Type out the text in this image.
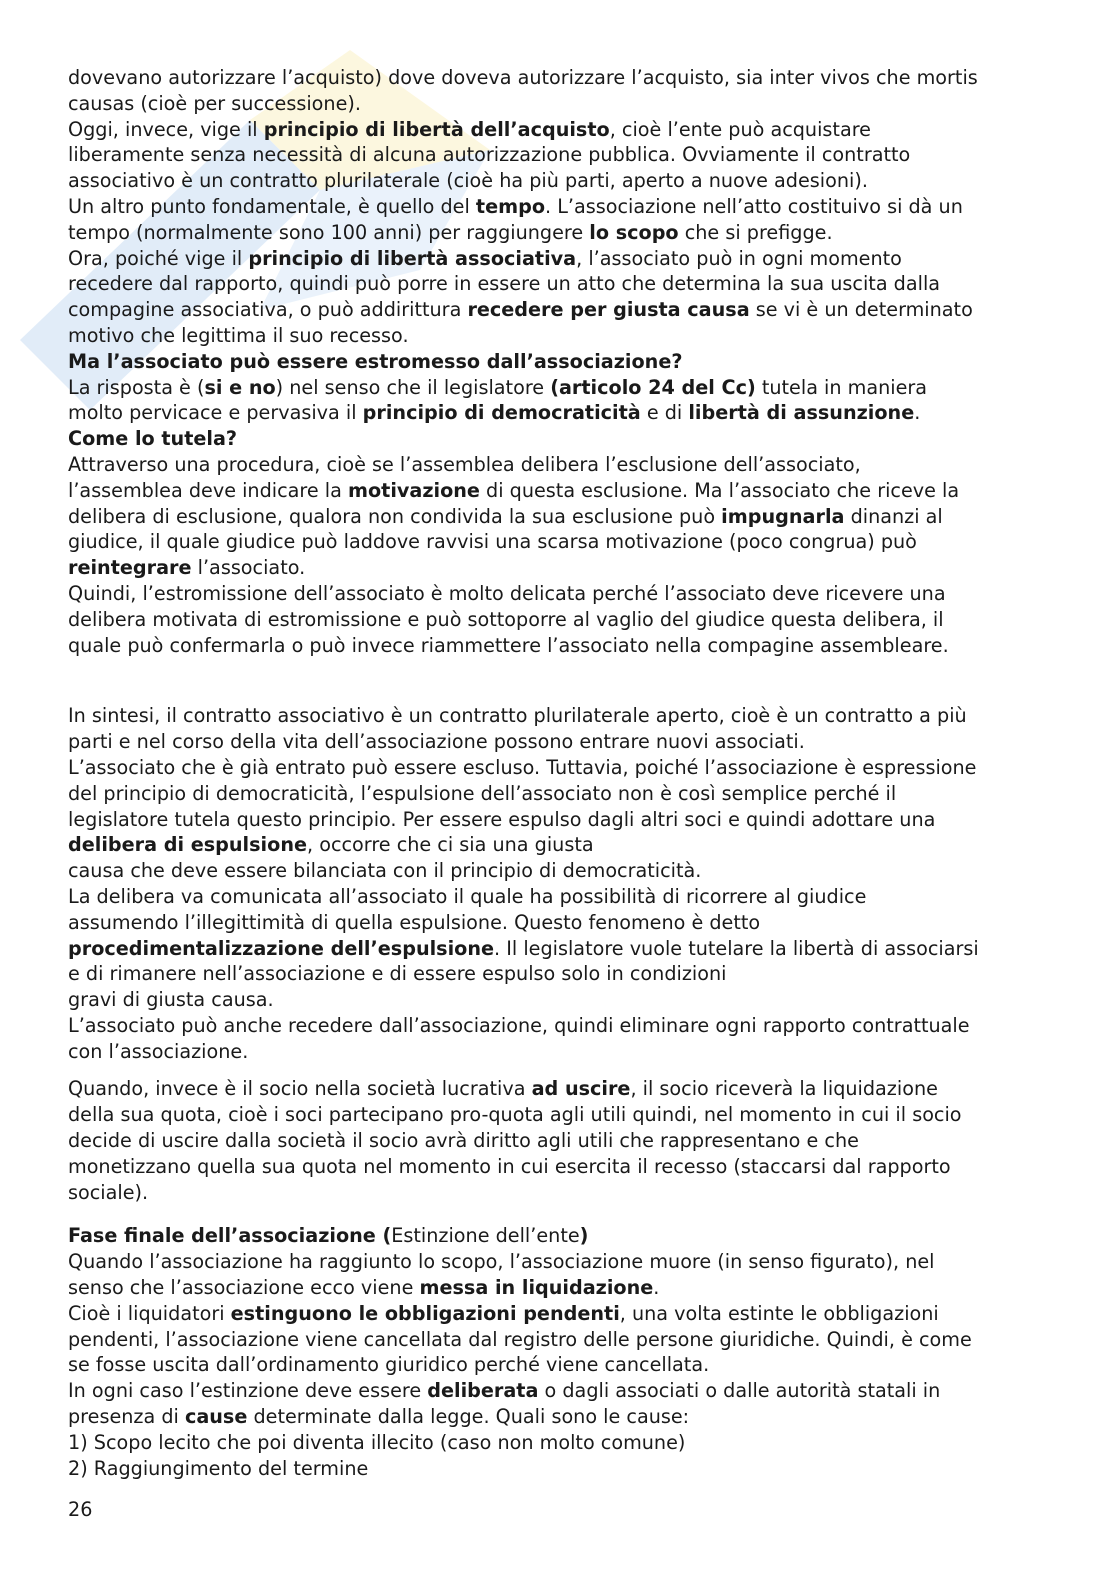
dovevano autorizzare l’acquisto) dove doveva autorizzare l’acquisto, sia inter vivos che mortis
causas (cioè per successione).
Oggi, invece, vige il principio di libertà dell’acquisto, cioè l’ente può acquistare
liberamente senza necessità di alcuna autorizzazione pubblica. Ovviamente il contratto
associativo è un contratto plurilaterale (cioè ha più parti, aperto a nuove adesioni).
Un altro punto fondamentale, è quello del tempo. L’associazione nell’atto costituivo si dà un
tempo (normalmente sono 100 anni) per raggiungere lo scopo che si prefigge.
Ora, poiché vige il principio di libertà associativa, l’associato può in ogni momento
recedere dal rapporto, quindi può porre in essere un atto che determina la sua uscita dalla
compagine associativa, o può addirittura recedere per giusta causa se vi è un determinato
motivo che legittima il suo recesso.
Ma l’associato può essere estromesso dall’associazione?
La risposta è (si e no) nel senso che il legislatore (articolo 24 del Cc) tutela in maniera
molto pervicace e pervasiva il principio di democraticità e di libertà di assunzione.
Come lo tutela?
Attraverso una procedura, cioè se l’assemblea delibera l’esclusione dell’associato,
l’assemblea deve indicare la motivazione di questa esclusione. Ma l’associato che riceve la
delibera di esclusione, qualora non condivida la sua esclusione può impugnarla dinanzi al
giudice, il quale giudice può laddove ravvisi una scarsa motivazione (poco congrua) può
reintegrare l’associato.
Quindi, l’estromissione dell’associato è molto delicata perché l’associato deve ricevere una
delibera motivata di estromissione e può sottoporre al vaglio del giudice questa delibera, il
quale può confermarla o può invece riammettere l’associato nella compagine assembleare.
In sintesi, il contratto associativo è un contratto plurilaterale aperto, cioè è un contratto a più
parti e nel corso della vita dell’associazione possono entrare nuovi associati.
L’associato che è già entrato può essere escluso. Tuttavia, poiché l’associazione è espressione
del principio di democraticità, l’espulsione dell’associato non è così semplice perché il
legislatore tutela questo principio. Per essere espulso dagli altri soci e quindi adottare una
delibera di espulsione, occorre che ci sia una giusta
causa che deve essere bilanciata con il principio di democraticità.
La delibera va comunicata all’associato il quale ha possibilità di ricorrere al giudice
assumendo l’illegittimità di quella espulsione. Questo fenomeno è detto
procedimentalizzazione dell’espulsione. Il legislatore vuole tutelare la libertà di associarsi
e di rimanere nell’associazione e di essere espulso solo in condizioni
gravi di giusta causa.
L’associato può anche recedere dall’associazione, quindi eliminare ogni rapporto contrattuale
con l’associazione.
Quando, invece è il socio nella società lucrativa ad uscire, il socio riceverà la liquidazione
della sua quota, cioè i soci partecipano pro-quota agli utili quindi, nel momento in cui il socio
decide di uscire dalla società il socio avrà diritto agli utili che rappresentano e che
monetizzano quella sua quota nel momento in cui esercita il recesso (staccarsi dal rapporto
sociale).
Fase finale dell’associazione (Estinzione dell’ente)
Quando l’associazione ha raggiunto lo scopo, l’associazione muore (in senso figurato), nel
senso che l’associazione ecco viene messa in liquidazione.
Cioè i liquidatori estinguono le obbligazioni pendenti, una volta estinte le obbligazioni
pendenti, l’associazione viene cancellata dal registro delle persone giuridiche. Quindi, è come
se fosse uscita dall’ordinamento giuridico perché viene cancellata.
In ogni caso l’estinzione deve essere deliberata o dagli associati o dalle autorità statali in
presenza di cause determinate dalla legge. Quali sono le cause:
1) Scopo lecito che poi diventa illecito (caso non molto comune)
2) Raggiungimento del termine
26
